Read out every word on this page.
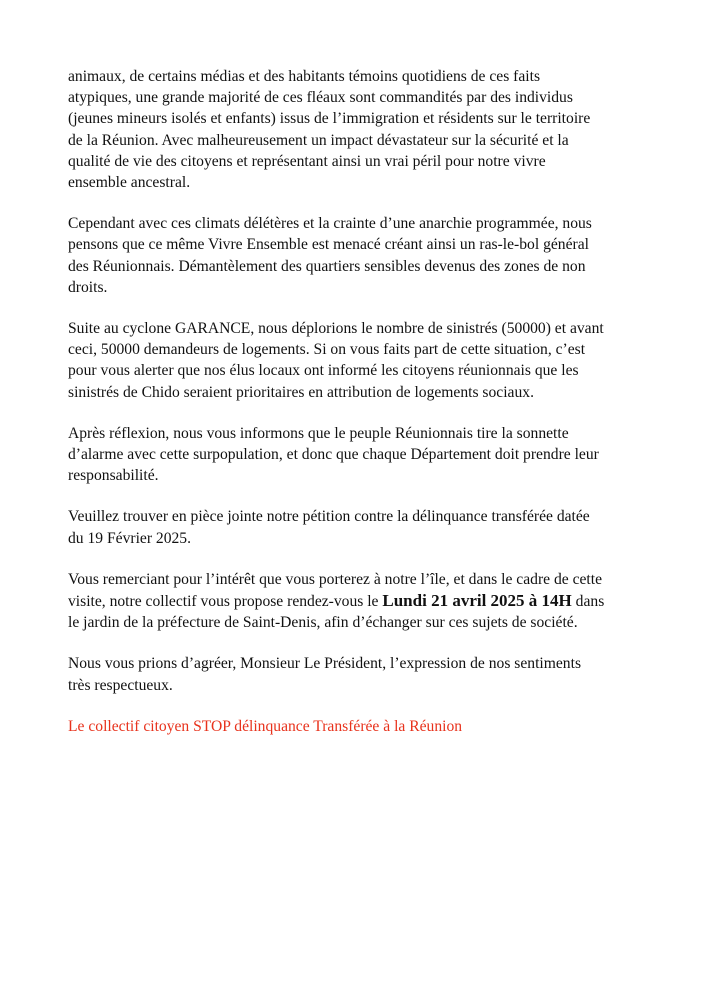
animaux, de certains médias et des habitants témoins quotidiens de ces faits
atypiques, une grande majorité de ces fléaux sont commandités par des individus
(jeunes mineurs isolés et enfants) issus de l’immigration et résidents sur le territoire
de la Réunion. Avec malheureusement un impact dévastateur sur la sécurité et la
qualité de vie des citoyens et représentant ainsi un vrai péril pour notre vivre
ensemble ancestral.

Cependant avec ces climats délétères et la crainte d’une anarchie programmée, nous
pensons que ce même Vivre Ensemble est menacé créant ainsi un ras-le-bol général
des Réunionnais. Démantèlement des quartiers sensibles devenus des zones de non
droits.

Suite au cyclone GARANCE, nous déplorions le nombre de sinistrés (50000) et avant
ceci, 50000 demandeurs de logements. Si on vous faits part de cette situation, c’est
pour vous alerter que nos élus locaux ont informé les citoyens réunionnais que les
sinistrés de Chido seraient prioritaires en attribution de logements sociaux.

Après réflexion, nous vous informons que le peuple Réunionnais tire la sonnette
d’alarme avec cette surpopulation, et donc que chaque Département doit prendre leur
responsabilité.

Veuillez trouver en pièce jointe notre pétition contre la délinquance transférée datée
du 19 Février 2025.

Vous remerciant pour l’intérêt que vous porterez à notre l’île, et dans le cadre de cette
visite, notre collectif vous propose rendez-vous le Lundi 21 avril 2025 à 14H dans
le jardin de la préfecture de Saint-Denis, afin d’échanger sur ces sujets de société.

Nous vous prions d’agréer, Monsieur Le Président, l’expression de nos sentiments
très respectueux.

Le collectif citoyen STOP délinquance Transférée à la Réunion
